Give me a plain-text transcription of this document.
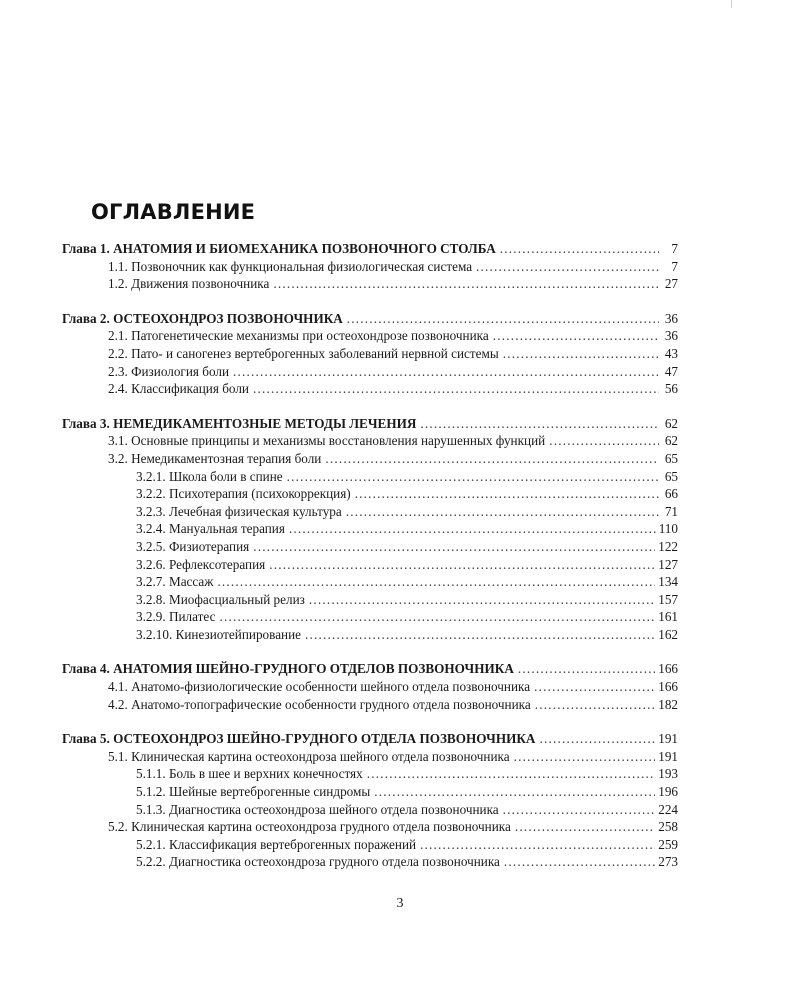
ОГЛАВЛЕНИЕ
Глава 1. АНАТОМИЯ И БИОМЕХАНИКА ПОЗВОНОЧНОГО СТОЛБА .....	7
1.1. Позвоночник как функциональная физиологическая система .....	7
1.2. Движения позвоночника .....	27
Глава 2. ОСТЕОХОНДРОЗ ПОЗВОНОЧНИКА .....	36
2.1. Патогенетические механизмы при остеохондрозе позвоночника .....	36
2.2. Пато- и саногенез вертеброгенных заболеваний нервной системы .....	43
2.3. Физиология боли .....	47
2.4. Классификация боли .....	56
Глава 3. НЕМЕДИКАМЕНТОЗНЫЕ МЕТОДЫ ЛЕЧЕНИЯ .....	62
3.1. Основные принципы и механизмы восстановления нарушенных функций .....	62
3.2. Немедикаментозная терапия боли .....	65
3.2.1. Школа боли в спине .....	65
3.2.2. Психотерапия (психокоррекция) .....	66
3.2.3. Лечебная физическая культура .....	71
3.2.4. Мануальная терапия .....	110
3.2.5. Физиотерапия .....	122
3.2.6. Рефлексотерапия .....	127
3.2.7. Массаж .....	134
3.2.8. Миофасциальный релиз .....	157
3.2.9. Пилатес .....	161
3.2.10. Кинезиотейпирование .....	162
Глава 4. АНАТОМИЯ ШЕЙНО-ГРУДНОГО ОТДЕЛОВ ПОЗВОНОЧНИКА .....	166
4.1. Анатомо-физиологические особенности шейного отдела позвоночника .....	166
4.2. Анатомо-топографические особенности грудного отдела позвоночника .....	182
Глава 5. ОСТЕОХОНДРОЗ ШЕЙНО-ГРУДНОГО ОТДЕЛА ПОЗВОНОЧНИКА .....	191
5.1. Клиническая картина остеохондроза шейного отдела позвоночника .....	191
5.1.1. Боль в шее и верхних конечностях .....	193
5.1.2. Шейные вертеброгенные синдромы .....	196
5.1.3. Диагностика остеохондроза шейного отдела позвоночника .....	224
5.2. Клиническая картина остеохондроза грудного отдела позвоночника .....	258
5.2.1. Классификация вертеброгенных поражений .....	259
5.2.2. Диагностика остеохондроза грудного отдела позвоночника .....	273
3
